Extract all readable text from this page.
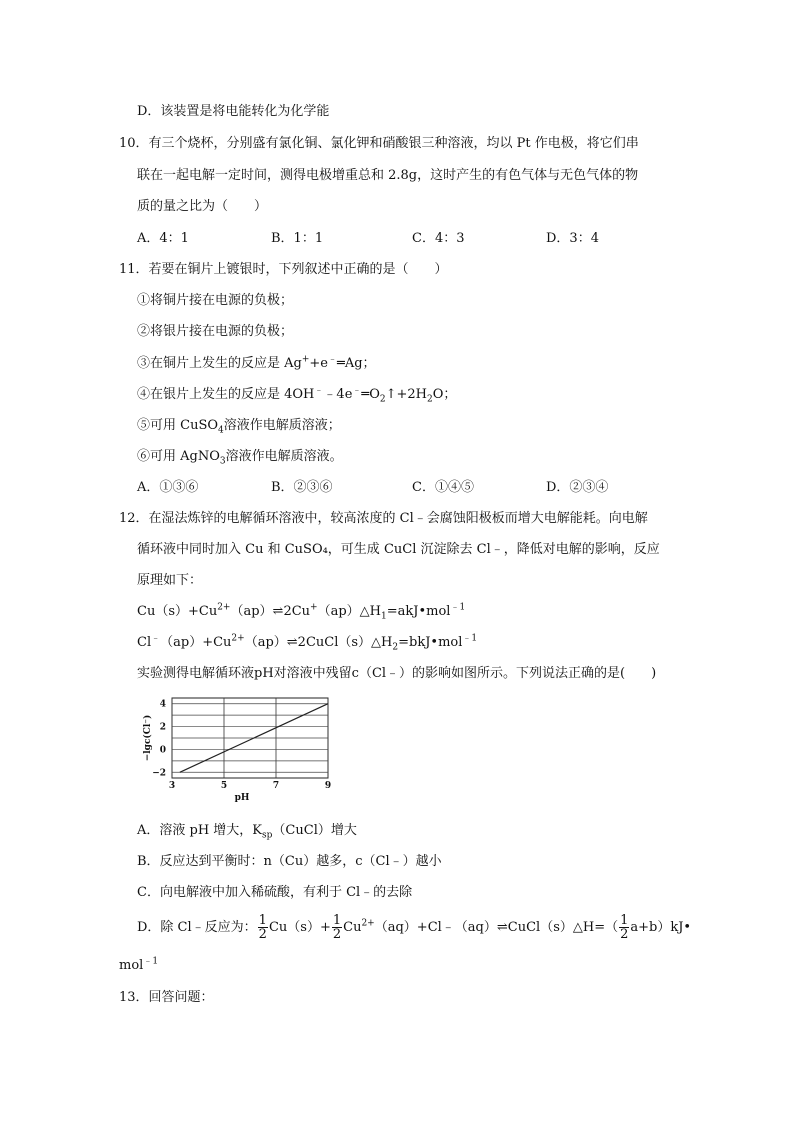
D．该装置是将电能转化为化学能
10．有三个烧杯，分别盛有氯化铜、氯化钾和硝酸银三种溶液，均以 Pt 作电极，将它们串
联在一起电解一定时间，测得电极增重总和 2.8g，这时产生的有色气体与无色气体的物
质的量之比为（　　）
A．4：1	B．1：1	C．4：3	D．3：4
11．若要在铜片上镀银时，下列叙述中正确的是（　　）
①将铜片接在电源的负极；
②将银片接在电源的负极；
③在铜片上发生的反应是 Ag++e﹣═Ag；
④在银片上发生的反应是 $4OH^﹣﹣4e^﹣═O_2↑+2H_2O$；
⑤可用 CuSO$_4$溶液作电解质溶液；
⑥可用 AgNO$_3$溶液作电解质溶液。
A．①③⑥	B．②③⑥	C．①④⑤	D．②③④
12．在湿法炼锌的电解循环溶液中，较高浓度的 Cl﹣会腐蚀阳极板而增大电解能耗。向电解
循环液中同时加入 Cu 和 CuSO₄，可生成 CuCl 沉淀除去 Cl﹣，降低对电解的影响，反应
原理如下：
$Cu(s)+Cu^{2+}(ap)\rightleftharpoons 2Cu^+(ap)\triangle H_1=akJ•mol^{﹣1}$
$Cl^﹣(ap)+Cu^{2+}(ap)\rightleftharpoons 2CuCl(s)\triangle H_2=bkJ•mol^{﹣1}$
实验测得电解循环液pH对溶液中残留c（Cl﹣）的影响如图所示。下列说法正确的是(　　)
3	5	7	9
4
2
0
−2
−lgc(Cl⁻)
pH
A．溶液 pH 增大，$K_{sp}(CuCl)$增大
B．反应达到平衡时：n（Cu）越多，c（Cl﹣）越小
C．向电解液中加入稀硫酸，有利于 Cl﹣的去除
D．除 Cl﹣反应为： $\frac{1}{2} Cu(s)+ \frac{1}{2}$ $Cu^{2+}(aq)+Cl﹣(aq)\rightleftharpoons CuCl(s)\triangle H=( \frac{1}{2}$ a+b）kJ•
mol$^{﹣1}$
13．回答问题：
